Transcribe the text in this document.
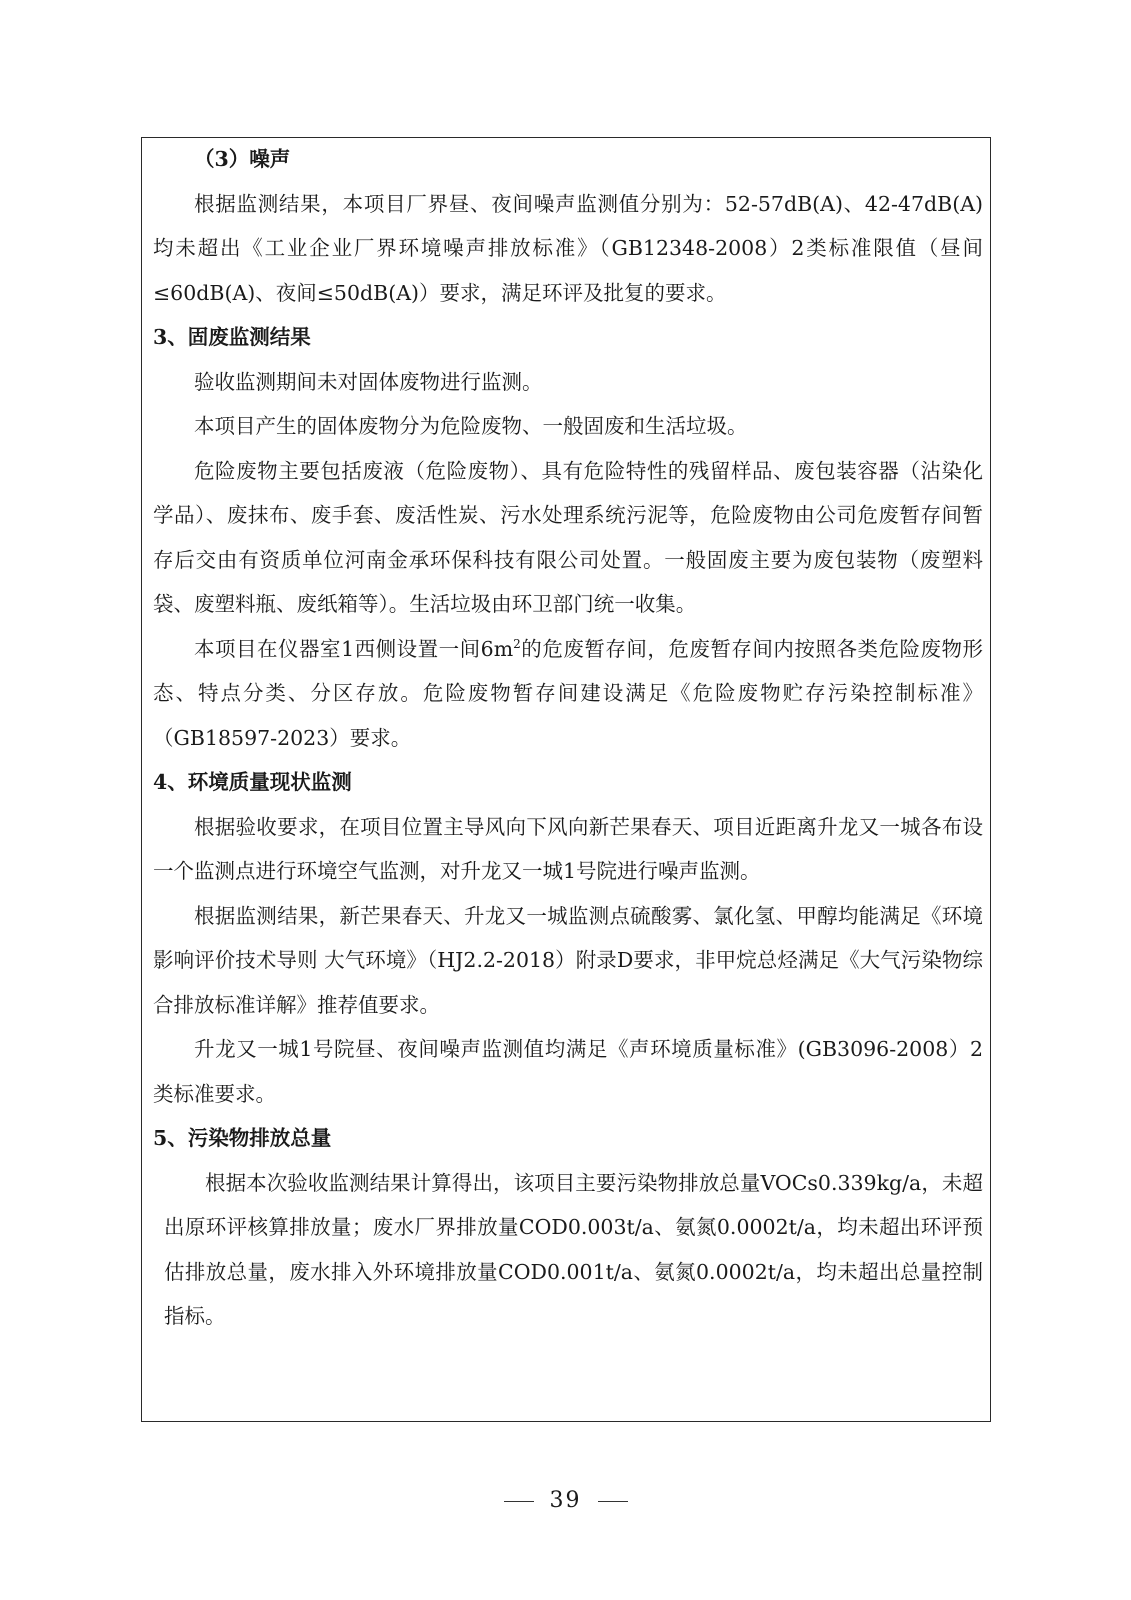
（3）噪声

根据监测结果，本项目厂界昼、夜间噪声监测值分别为：52-57dB(A)、42-47dB(A)均未超出《工业企业厂界环境噪声排放标准》（GB12348-2008）2类标准限值（昼间≤60dB(A)、夜间≤50dB(A)）要求，满足环评及批复的要求。

3、固废监测结果

验收监测期间未对固体废物进行监测。

本项目产生的固体废物分为危险废物、一般固废和生活垃圾。

危险废物主要包括废液（危险废物）、具有危险特性的残留样品、废包装容器（沾染化学品）、废抹布、废手套、废活性炭、污水处理系统污泥等，危险废物由公司危废暂存间暂存后交由有资质单位河南金承环保科技有限公司处置。一般固废主要为废包装物（废塑料袋、废塑料瓶、废纸箱等）。生活垃圾由环卫部门统一收集。

本项目在仪器室1西侧设置一间$6m^2$的危废暂存间，危废暂存间内按照各类危险废物形态、特点分类、分区存放。危险废物暂存间建设满足《危险废物贮存污染控制标准》（GB18597-2023）要求。

4、环境质量现状监测

根据验收要求，在项目位置主导风向下风向新芒果春天、项目近距离升龙又一城各布设一个监测点进行环境空气监测，对升龙又一城1号院进行噪声监测。

根据监测结果，新芒果春天、升龙又一城监测点硫酸雾、氯化氢、甲醇均能满足《环境影响评价技术导则 大气环境》（HJ2.2-2018）附录D要求，非甲烷总烃满足《大气污染物综合排放标准详解》推荐值要求。

升龙又一城1号院昼、夜间噪声监测值均满足《声环境质量标准》(GB3096-2008）2类标准要求。

5、污染物排放总量

根据本次验收监测结果计算得出，该项目主要污染物排放总量VOCs0.339kg/a，未超出原环评核算排放量；废水厂界排放量COD0.003t/a、氨氮0.0002t/a，均未超出环评预估排放总量，废水排入外环境排放量COD0.001t/a、氨氮0.0002t/a，均未超出总量控制指标。

39
